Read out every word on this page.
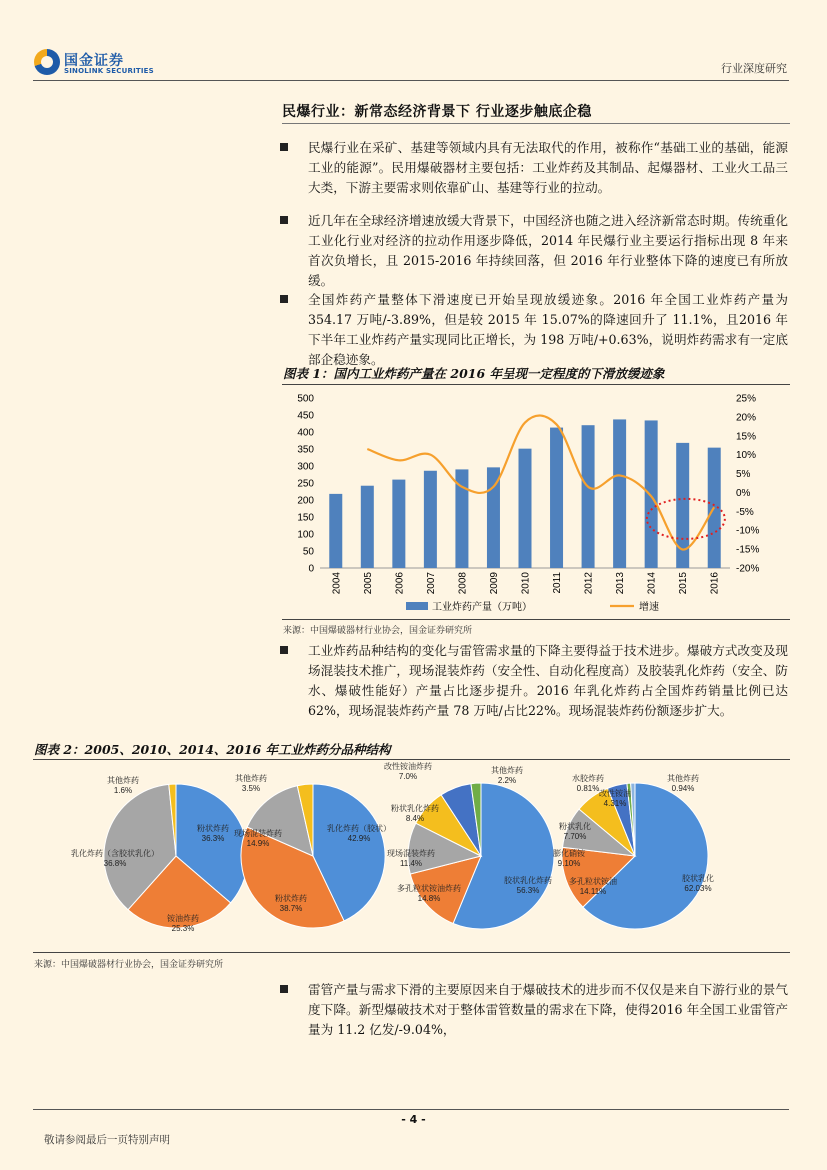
国金证券
SINOLINK SECURITIES	行业深度研究
民爆行业：新常态经济背景下 行业逐步触底企稳
民爆行业在采矿、基建等领域内具有无法取代的作用，被称作“基础工业的基础，能源工业的能源”。民用爆破器材主要包括：工业炸药及其制品、起爆器材、工业火工品三大类，下游主要需求则依靠矿山、基建等行业的拉动。
近几年在全球经济增速放缓大背景下，中国经济也随之进入经济新常态时期。传统重化工业化行业对经济的拉动作用逐步降低，2014 年民爆行业主要运行指标出现 8 年来首次负增长，且 2015-2016 年持续回落，但 2016 年行业整体下降的速度已有所放缓。
全国炸药产量整体下滑速度已开始呈现放缓迹象。2016 年全国工业炸药产量为 354.17 万吨/-3.89%，但是较 2015 年 15.07%的降速回升了 11.1%，且2016 年下半年工业炸药产量实现同比正增长，为 198 万吨/+0.63%，说明炸药需求有一定底部企稳迹象。
图表 1：国内工业炸药产量在 2016 年呈现一定程度的下滑放缓迹象
0
50
100
150
200
250
300
350
400
450
500
-20%
-15%
-10%
-5%
0%
5%
10%
15%
20%
25%
2004 2005 2006 2007 2008 2009 2010 2011 2012 2013 2014 2015 2016
工业炸药产量（万吨）	增速
来源：中国爆破器材行业协会，国金证券研究所
工业炸药品种结构的变化与雷管需求量的下降主要得益于技术进步。爆破方式改变及现场混装技术推广，现场混装炸药（安全性、自动化程度高）及胶装乳化炸药（安全、防水、爆破性能好）产量占比逐步提升。2016 年乳化炸药占全国炸药销量比例已达 62%，现场混装炸药产量 78 万吨/占比22%。现场混装炸药份额逐步扩大。
图表 2：2005、2010、2014、2016 年工业炸药分品种结构
粉状炸药 36.3%
铵油炸药 25.3%
乳化炸药（含胶状乳化） 36.8%
其他炸药 1.6%
乳化炸药（胶状） 42.9%
粉状炸药 38.7%
现场混装炸药 14.9%
其他炸药 3.5%
胶状乳化炸药 56.3%
多孔粒状铵油炸药 14.8%
现场混装炸药 11.4%
粉状乳化炸药 8.4%
改性铵油炸药 7.0%
其他炸药 2.2%
胶状乳化 62.03%
多孔粒状铵油 14.11%
膨化硝铵 9.10%
粉状乳化 7.70%
改性铵油 4.31%
水胶炸药 0.81%
其他炸药 0.94%
来源：中国爆破器材行业协会，国金证券研究所
雷管产量与需求下滑的主要原因来自于爆破技术的进步而不仅仅是来自下游行业的景气度下降。新型爆破技术对于整体雷管数量的需求在下降，使得2016 年全国工业雷管产量为 11.2 亿发/-9.04%，
- 4 -
敬请参阅最后一页特别声明
